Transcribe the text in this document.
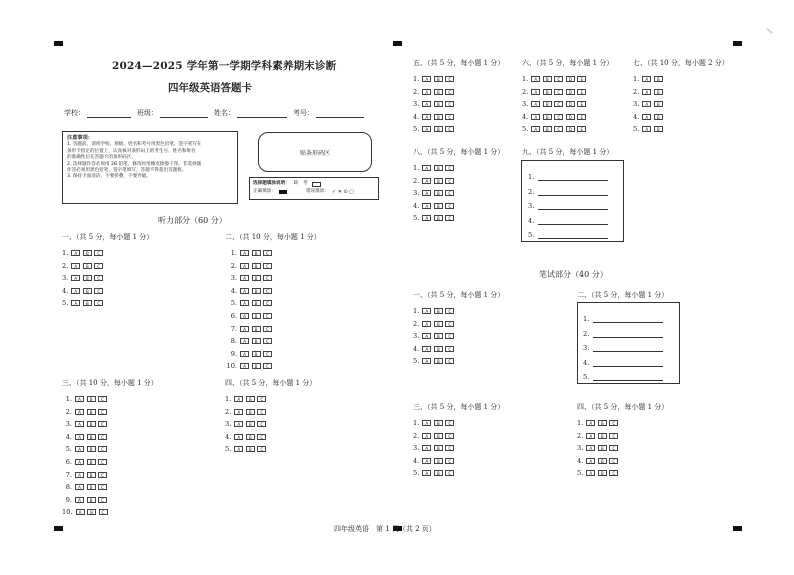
2024—2025 学年第一学期学科素养期末诊断
四年级英语答题卡
学校：	班级：	姓名：	考号：
注意事项：
1. 答题前，请将学校、班级、姓名和考号用黑色铅笔、签字笔写在
条形卡指定的位置上，认真核对条形码上的考生号、姓名和班名
的准确性后在答题卡的条形码区。
2. 选择题作答必须用 2B 铅笔，修改时用橡皮擦擦干净。非选择题
作答必须用黑色铅笔、签字笔填写，答题不得超出答题框。
3. 保持卡面清洁，不要折叠，不要弄破。
贴条形码区
选择题填涂说明： 缺　考
正确填涂：	错误填涂： ✓ ✕ ⊙ ▢
听力部分（60 分）
笔试部分（40 分）
一、（共 5 分，每小题 1 分）
1.	A	B	C
2.	A	B	C
3.	A	B	C
4.	A	B	C
5.	A	B	C
二、（共 10 分，每小题 1 分）
1.	A	B	C
2.	A	B	C
3.	A	B	C
4.	A	B	C
5.	A	B	C
6.	A	B	C
7.	A	B	C
8.	A	B	C
9.	A	B	C
10.	A	B	C
三、（共 10 分，每小题 1 分）
1.	A	B	C
2.	A	B	C
3.	A	B	C
4.	A	B	C
5.	A	B	C
6.	A	B	C
7.	A	B	C
8.	A	B	C
9.	A	B	C
10.	A	B	C
四、（共 5 分，每小题 1 分）
1.	A	B	C
2.	A	B	C
3.	A	B	C
4.	A	B	C
5.	A	B	C
五、（共 5 分，每小题 1 分）
1.	A	B	C
2.	A	B	C
3.	A	B	C
4.	A	B	C
5.	A	B	C
六、（共 5 分，每小题 1 分）
1.	A	B	C	D	E
2.	A	B	C	D	E
3.	A	B	C	D	E
4.	A	B	C	D	E
5.	A	B	C	D	E
七、（共 10 分，每小题 2 分）
1.	A	B
2.	A	B
3.	A	B
4.	A	B
5.	A	B
八、（共 5 分，每小题 1 分）
1.	A	B	C
2.	A	B	C
3.	A	B	C
4.	A	B	C
5.	A	B	C
九、（共 5 分，每小题 1 分）
1.
2.
3.
4.
5.
一、（共 5 分，每小题 1 分）
1.	A	B	C
2.	A	B	C
3.	A	B	C
4.	A	B	C
5.	A	B	C
二、（共 5 分，每小题 1 分）
1.
2.
3.
4.
5.
三、（共 5 分，每小题 1 分）
1.	A	B	C
2.	A	B	C
3.	A	B	C
4.	A	B	C
5.	A	B	C
四、（共 5 分，每小题 1 分）
1.	A	B	C
2.	A	B	C
3.	A	B	C
4.	A	B	C
5.	A	B	C
四年级英语　第 1 页（共 2 页）
▭▭
